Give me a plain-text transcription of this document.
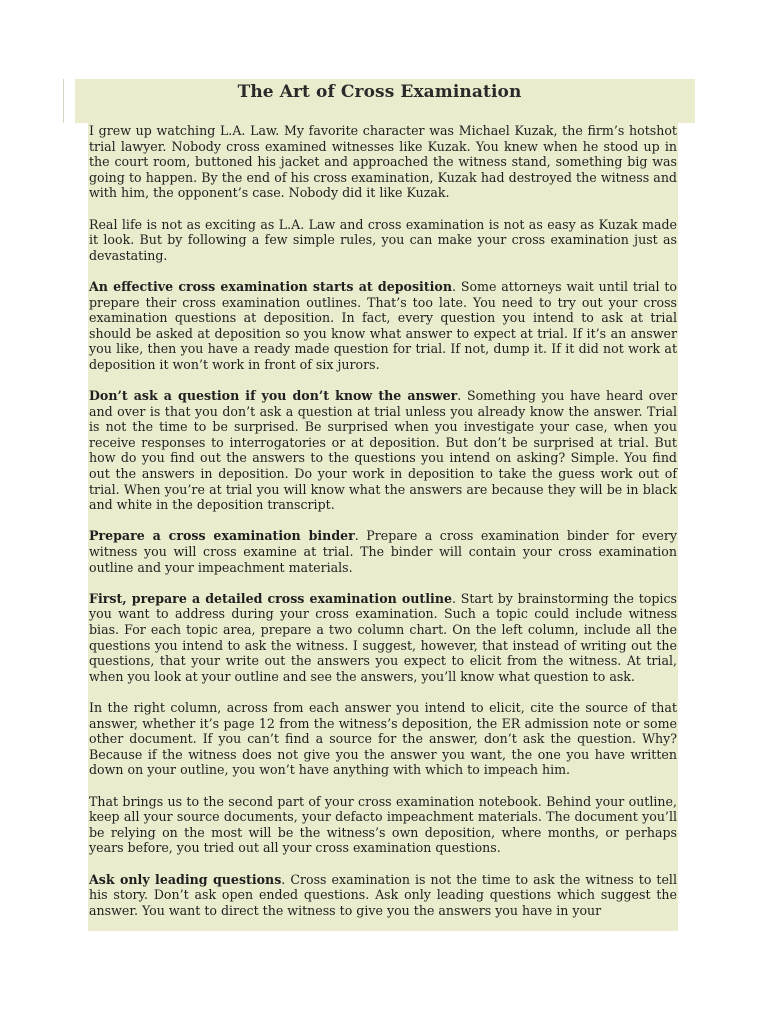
The Art of Cross Examination

I grew up watching L.A. Law. My favorite character was Michael Kuzak, the firm’s hotshot trial lawyer. Nobody cross examined witnesses like Kuzak. You knew when he stood up in the court room, buttoned his jacket and approached the witness stand, something big was going to happen. By the end of his cross examination, Kuzak had destroyed the witness and with him, the opponent’s case. Nobody did it like Kuzak.

Real life is not as exciting as L.A. Law and cross examination is not as easy as Kuzak made it look. But by following a few simple rules, you can make your cross examination just as devastating.

An effective cross examination starts at deposition. Some attorneys wait until trial to prepare their cross examination outlines. That’s too late. You need to try out your cross examination questions at deposition. In fact, every question you intend to ask at trial should be asked at deposition so you know what answer to expect at trial. If it’s an answer you like, then you have a ready made question for trial. If not, dump it. If it did not work at deposition it won’t work in front of six jurors.

Don’t ask a question if you don’t know the answer. Something you have heard over and over is that you don’t ask a question at trial unless you already know the answer. Trial is not the time to be surprised. Be surprised when you investigate your case, when you receive responses to interrogatories or at deposition. But don’t be surprised at trial. But how do you find out the answers to the questions you intend on asking? Simple. You find out the answers in deposition. Do your work in deposition to take the guess work out of trial. When you’re at trial you will know what the answers are because they will be in black and white in the deposition transcript.

Prepare a cross examination binder. Prepare a cross examination binder for every witness you will cross examine at trial. The binder will contain your cross examination outline and your impeachment materials.

First, prepare a detailed cross examination outline. Start by brainstorming the topics you want to address during your cross examination. Such a topic could include witness bias. For each topic area, prepare a two column chart. On the left column, include all the questions you intend to ask the witness. I suggest, however, that instead of writing out the questions, that your write out the answers you expect to elicit from the witness. At trial, when you look at your outline and see the answers, you’ll know what question to ask.

In the right column, across from each answer you intend to elicit, cite the source of that answer, whether it’s page 12 from the witness’s deposition, the ER admission note or some other document. If you can’t find a source for the answer, don’t ask the question. Why? Because if the witness does not give you the answer you want, the one you have written down on your outline, you won’t have anything with which to impeach him.

That brings us to the second part of your cross examination notebook. Behind your outline, keep all your source documents, your defacto impeachment materials. The document you’ll be relying on the most will be the witness’s own deposition, where months, or perhaps years before, you tried out all your cross examination questions.

Ask only leading questions. Cross examination is not the time to ask the witness to tell his story. Don’t ask open ended questions. Ask only leading questions which suggest the answer. You want to direct the witness to give you the answers you have in your
